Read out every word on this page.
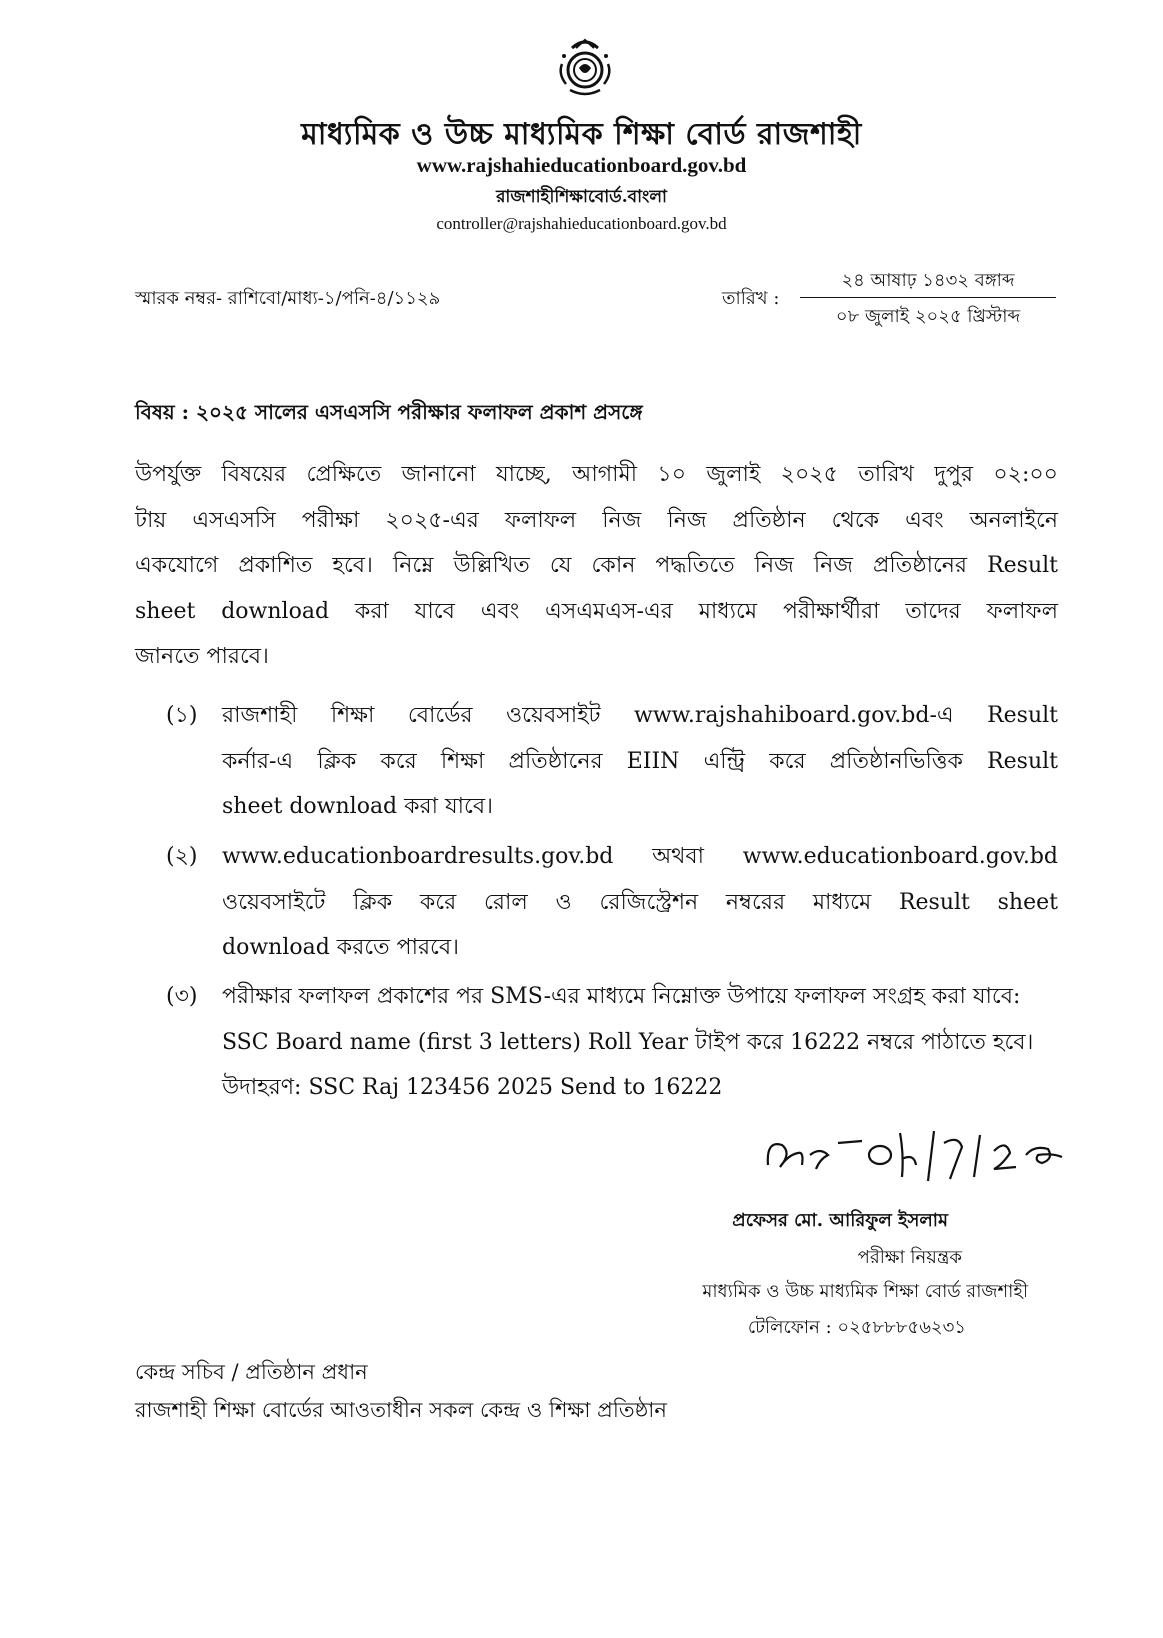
মাধ্যমিক ও উচ্চ মাধ্যমিক শিক্ষা বোর্ড রাজশাহী
www.rajshahieducationboard.gov.bd
রাজশাহীশিক্ষাবোর্ড.বাংলা
controller@rajshahieducationboard.gov.bd
স্মারক নম্বর- রাশিবো/মাধ্য-১/পনি-৪/১১২৯	তারিখ :
২৪ আষাঢ় ১৪৩২ বঙ্গাব্দ
০৮ জুলাই ২০২৫ খ্রিস্টাব্দ
বিষয় : ২০২৫ সালের এসএসসি পরীক্ষার ফলাফল প্রকাশ প্রসঙ্গে
উপর্যুক্ত বিষয়ের প্রেক্ষিতে জানানো যাচ্ছে, আগামী ১০ জুলাই ২০২৫ তারিখ দুপুর ০২:০০
টায় এসএসসি পরীক্ষা ২০২৫-এর ফলাফল নিজ নিজ প্রতিষ্ঠান থেকে এবং অনলাইনে
একযোগে প্রকাশিত হবে। নিম্নে উল্লিখিত যে কোন পদ্ধতিতে নিজ নিজ প্রতিষ্ঠানের Result
sheet download করা যাবে এবং এসএমএস-এর মাধ্যমে পরীক্ষার্থীরা তাদের ফলাফল
জানতে পারবে।
(১) রাজশাহী শিক্ষা বোর্ডের ওয়েবসাইট www.rajshahiboard.gov.bd-এ Result
কর্নার-এ ক্লিক করে শিক্ষা প্রতিষ্ঠানের EIIN এন্ট্রি করে প্রতিষ্ঠানভিত্তিক Result
sheet download করা যাবে।
(২) www.educationboardresults.gov.bd অথবা www.educationboard.gov.bd
ওয়েবসাইটে ক্লিক করে রোল ও রেজিস্ট্রেশন নম্বরের মাধ্যমে Result sheet
download করতে পারবে।
(৩) পরীক্ষার ফলাফল প্রকাশের পর SMS-এর মাধ্যমে নিম্নোক্ত উপায়ে ফলাফল সংগ্রহ করা যাবে:
SSC Board name (first 3 letters) Roll Year টাইপ করে 16222 নম্বরে পাঠাতে হবে।
উদাহরণ: SSC Raj 123456 2025 Send to 16222
প্রফেসর মো. আরিফুল ইসলাম
পরীক্ষা নিয়ন্ত্রক
মাধ্যমিক ও উচ্চ মাধ্যমিক শিক্ষা বোর্ড রাজশাহী
টেলিফোন : ০২৫৮৮৮৫৬২৩১
কেন্দ্র সচিব / প্রতিষ্ঠান প্রধান
রাজশাহী শিক্ষা বোর্ডের আওতাধীন সকল কেন্দ্র ও শিক্ষা প্রতিষ্ঠান
